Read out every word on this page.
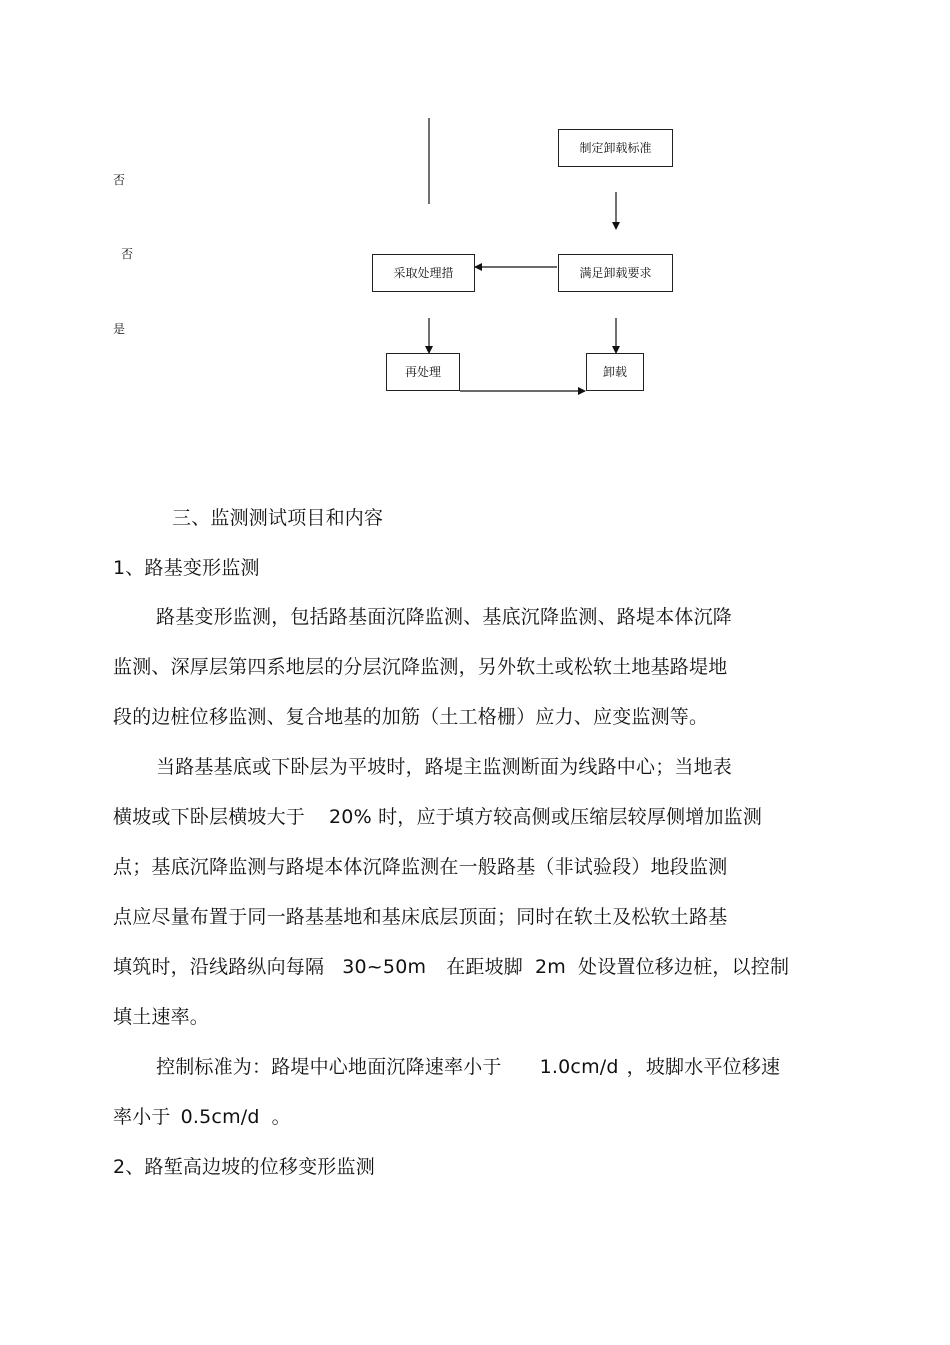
否
否
是
制定卸载标准
采取处理措	满足卸载要求
再处理	卸载
三、监测测试项目和内容
1、路基变形监测
路基变形监测，包括路基面沉降监测、基底沉降监测、路堤本体沉降
监测、深厚层第四系地层的分层沉降监测，另外软土或松软土地基路堤地
段的边桩位移监测、复合地基的加筋（土工格栅）应力、应变监测等。
当路基基底或下卧层为平坡时，路堤主监测断面为线路中心；当地表
横坡或下卧层横坡大于 20% 时，应于填方较高侧或压缩层较厚侧增加监测
点；基底沉降监测与路堤本体沉降监测在一般路基（非试验段）地段监测
点应尽量布置于同一路基基地和基床底层顶面；同时在软土及松软土路基
填筑时，沿线路纵向每隔 30~50m 在距坡脚 2m 处设置位移边桩，以控制
填土速率。
控制标准为：路堤中心地面沉降速率小于 1.0cm/d ，坡脚水平位移速
率小于 0.5cm/d 。
2、路堑高边坡的位移变形监测
